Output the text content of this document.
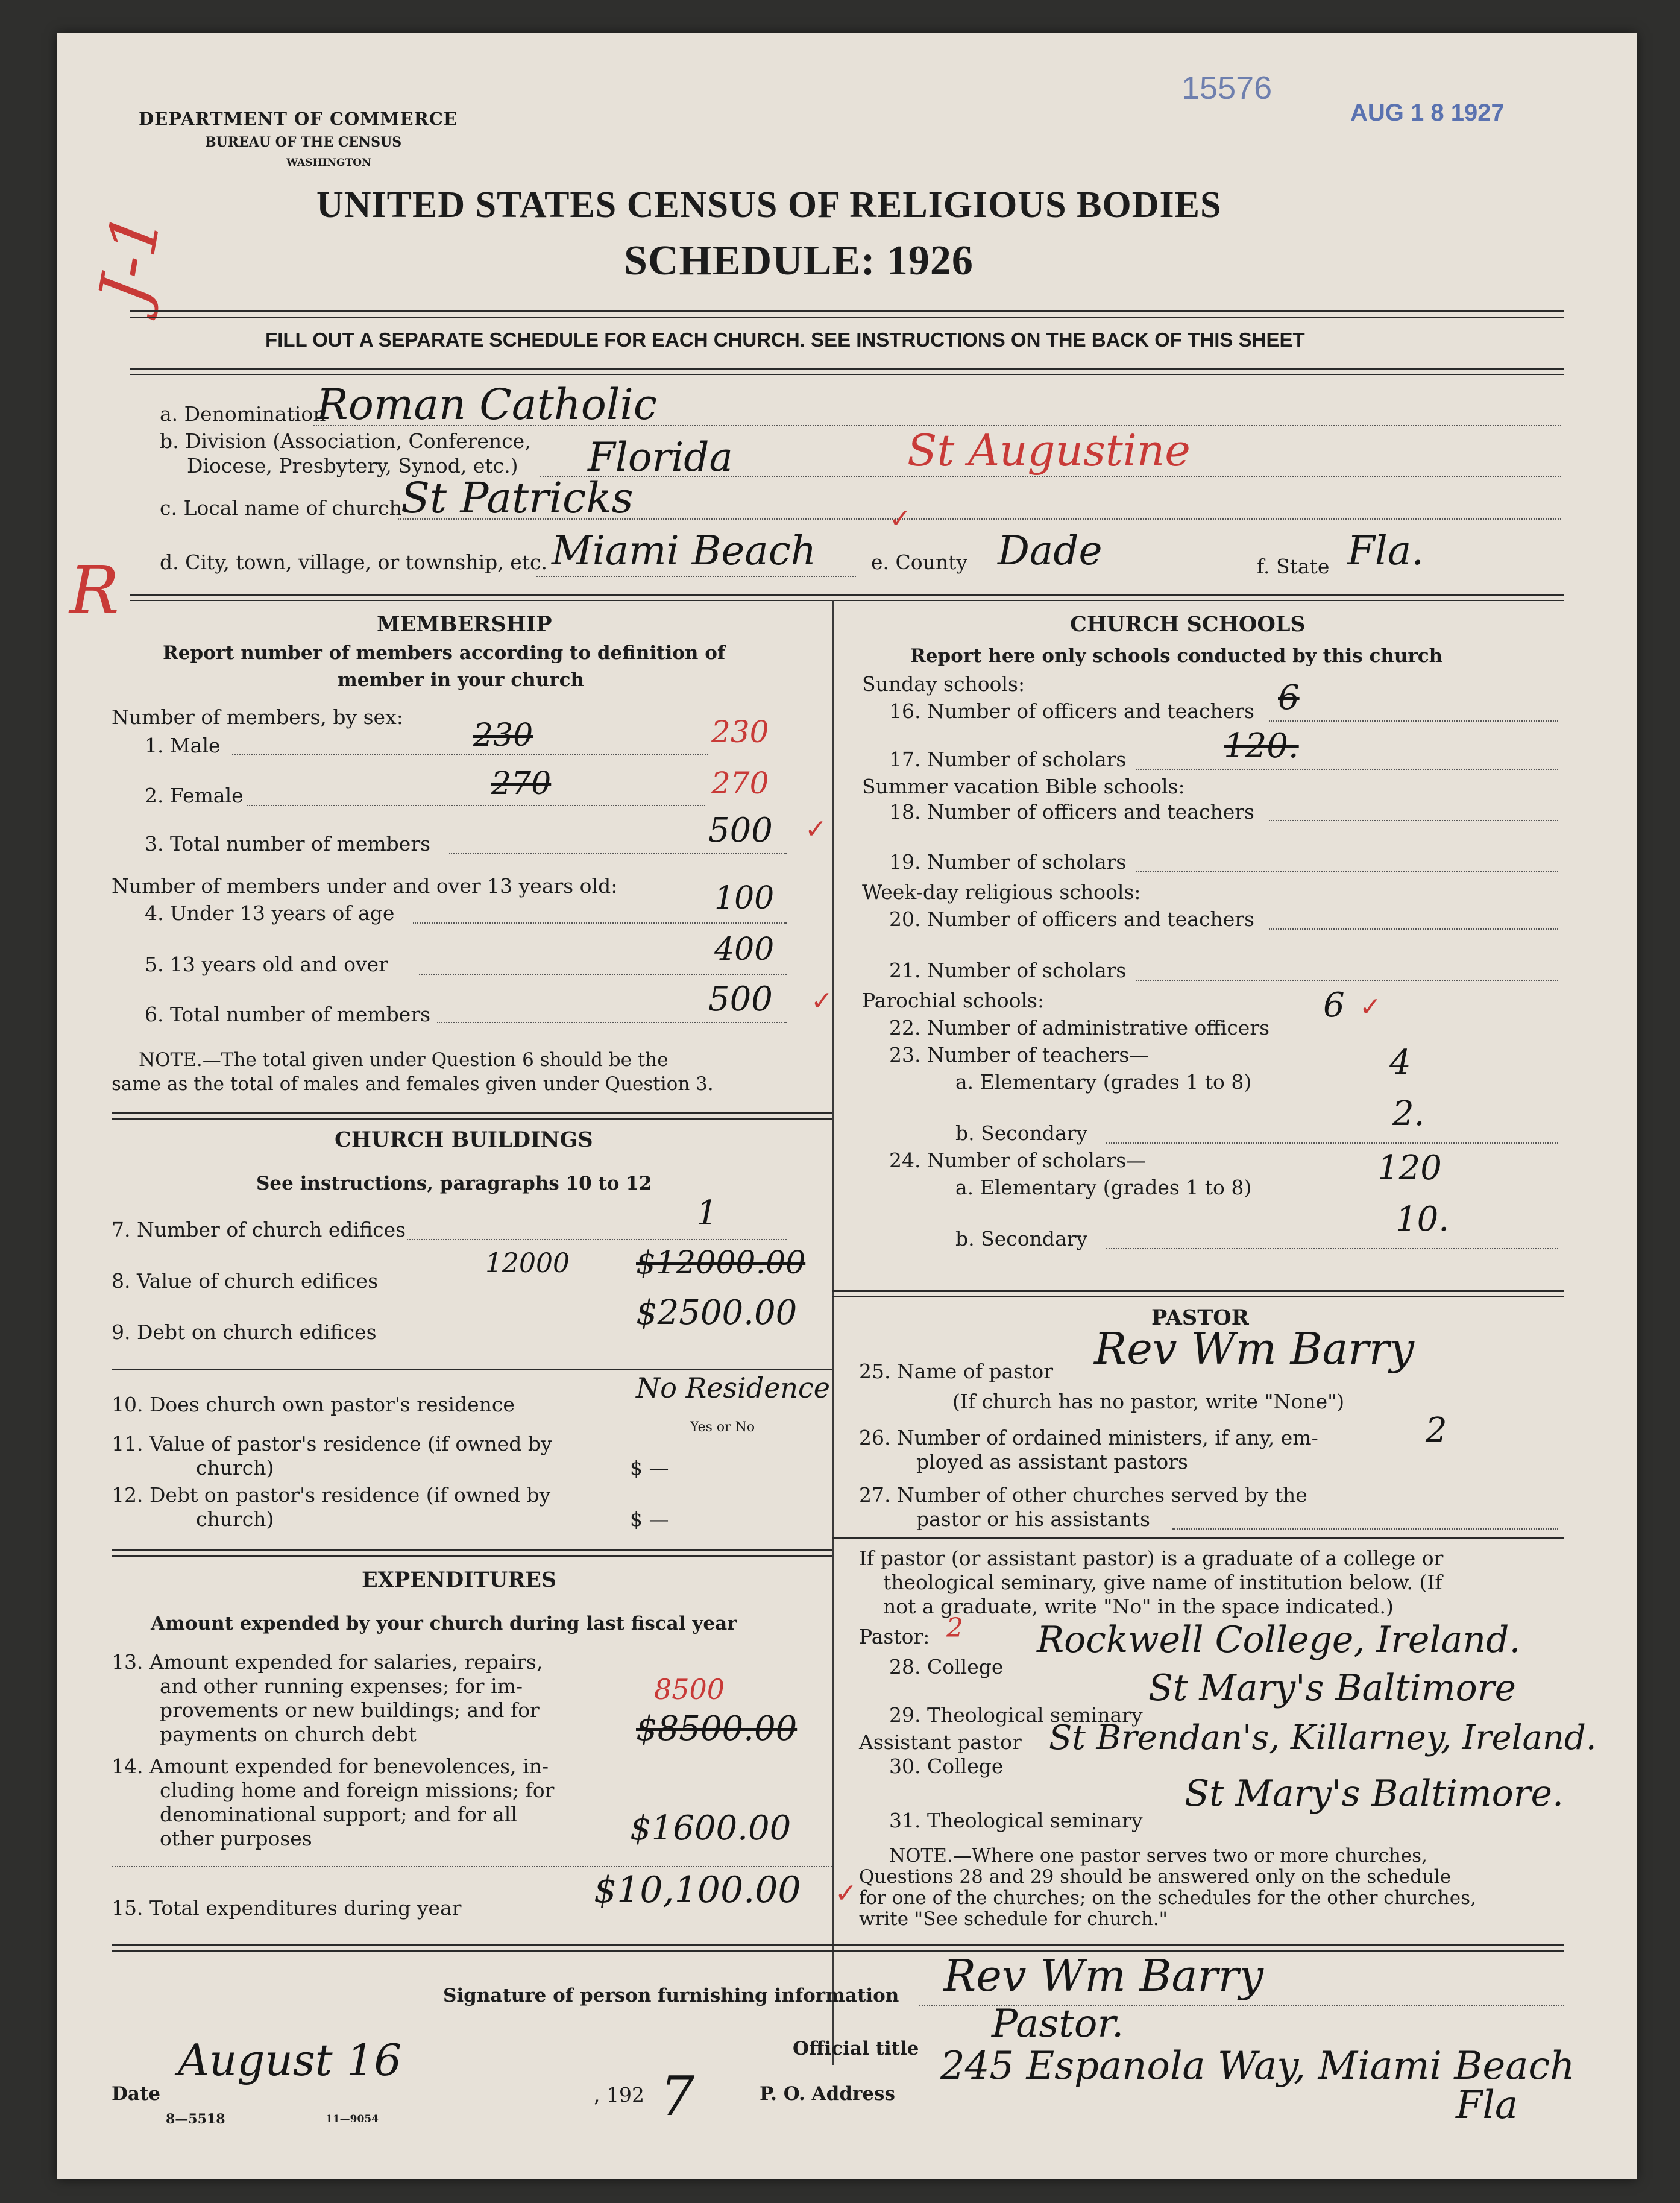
15576
AUG 1 8 1927
J-1
R
DEPARTMENT OF COMMERCE
BUREAU OF THE CENSUS
WASHINGTON
UNITED STATES CENSUS OF RELIGIOUS BODIES
SCHEDULE: 1926
FILL OUT A SEPARATE SCHEDULE FOR EACH CHURCH. SEE INSTRUCTIONS ON THE BACK OF THIS SHEET
a. Denomination
Roman Catholic
b. Division (Association, Conference,
Diocese, Presbytery, Synod, etc.) Florida	St Augustine
c. Local name of church
St Patricks
d. City, town, village, or township, etc. Miami Beach
✓
e. County Dade	f. State Fla.
MEMBERSHIP
Report number of members according to definition of
member in your church
Number of members, by sex:
1. Male	230	230
2. Female	270	270
3. Total number of members	500 ✓
Number of members under and over 13 years old:
4. Under 13 years of age	100
5. 13 years old and over	400
6. Total number of members	500 ✓
NOTE.—The total given under Question 6 should be the
same as the total of males and females given under Question 3.
CHURCH BUILDINGS
See instructions, paragraphs 10 to 12
7. Number of church edifices	1
8. Value of church edifices
12000 $12000.00
9. Debt on church edifices	$2500.00
10. Does church own pastor's residence
No Residence
Yes or No
11. Value of pastor's residence (if owned by
church)	$ —
12. Debt on pastor's residence (if owned by
church)	$ —
EXPENDITURES
Amount expended by your church during last fiscal year
13. Amount expended for salaries, repairs,
and other running expenses; for im-
provements or new buildings; and for
payments on church debt
8500
$8500.00
14. Amount expended for benevolences, in-
cluding home and foreign missions; for
denominational support; and for all
other purposes	$1600.00
15. Total expenditures during year	$10,100.00 ✓
CHURCH SCHOOLS
Report here only schools conducted by this church
Sunday schools:
16. Number of officers and teachers 6
17. Number of scholars	120.
Summer vacation Bible schools:
18. Number of officers and teachers
19. Number of scholars
Week-day religious schools:
20. Number of officers and teachers
21. Number of scholars
Parochial schools:
22. Number of administrative officers
6 ✓
23. Number of teachers—
a. Elementary (grades 1 to 8)	4
b. Secondary	2.
24. Number of scholars—
a. Elementary (grades 1 to 8)	120
b. Secondary	10.
PASTOR
25. Name of pastor Rev Wm Barry
(If church has no pastor, write "None")
26. Number of ordained ministers, if any, em-
ployed as assistant pastors
2
27. Number of other churches served by the
pastor or his assistants
If pastor (or assistant pastor) is a graduate of a college or
theological seminary, give name of institution below. (If
not a graduate, write "No" in the space indicated.)
Pastor: 2
28. College
Rockwell College, Ireland.
29. Theological seminary
St Mary's Baltimore
Assistant pastor
30. College
St Brendan's, Killarney, Ireland.
31. Theological seminary
St Mary's Baltimore.
NOTE.—Where one pastor serves two or more churches,
Questions 28 and 29 should be answered only on the schedule
for one of the churches; on the schedules for the other churches,
write "See schedule for church."
Signature of person furnishing information Rev Wm Barry
Official title
Pastor.
Date
August 16
, 192 7	P. O. Address
245 Espanola Way, Miami Beach
Fla
8—5518	11—9054
